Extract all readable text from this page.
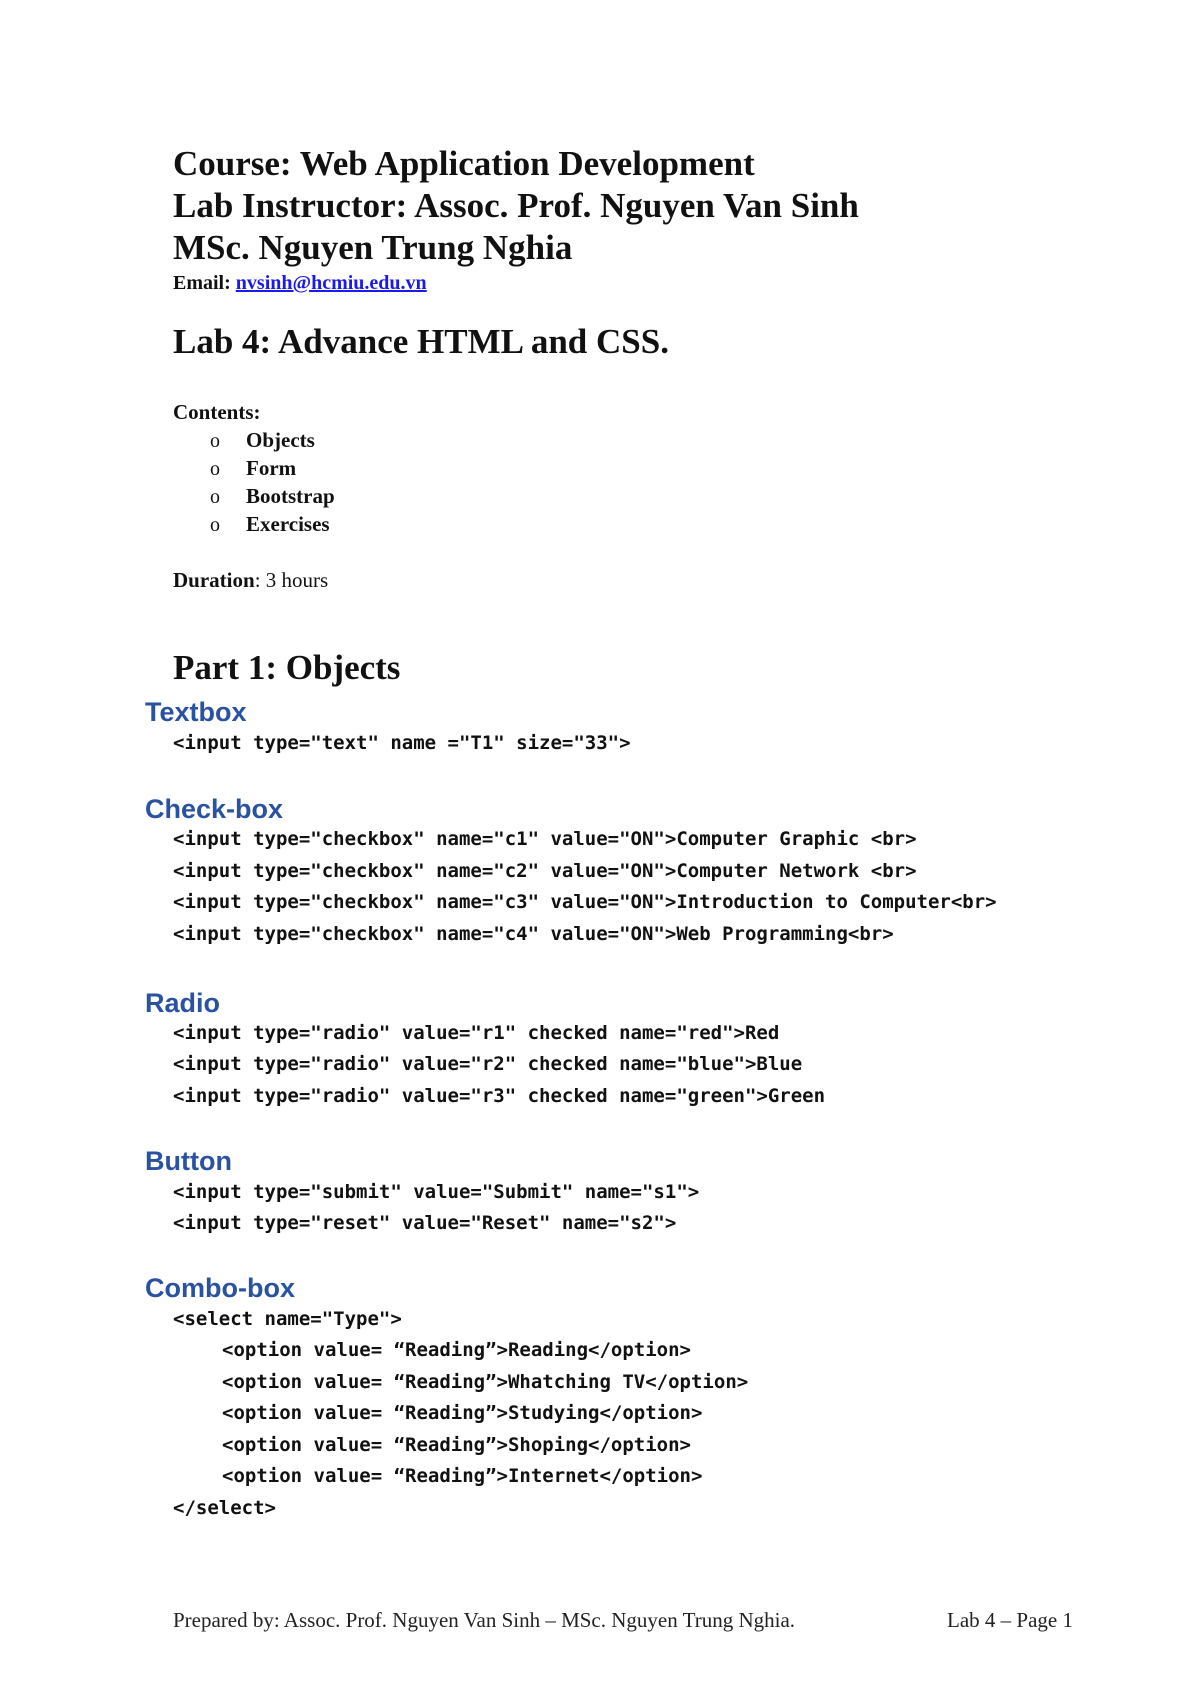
Course: Web Application Development
Lab Instructor: Assoc. Prof. Nguyen Van Sinh
MSc. Nguyen Trung Nghia
Email: nvsinh@hcmiu.edu.vn
Lab 4: Advance HTML and CSS.
Contents:
o Objects
o Form
o Bootstrap
o Exercises
Duration: 3 hours
Part 1: Objects
Textbox
<input type="text" name ="T1" size="33">
Check-box
<input type="checkbox" name="c1" value="ON">Computer Graphic <br>
<input type="checkbox" name="c2" value="ON">Computer Network <br>
<input type="checkbox" name="c3" value="ON">Introduction to Computer<br>
<input type="checkbox" name="c4" value="ON">Web Programming<br>
Radio
<input type="radio" value="r1" checked name="red">Red
<input type="radio" value="r2" checked name="blue">Blue
<input type="radio" value="r3" checked name="green">Green
Button
<input type="submit" value="Submit" name="s1">
<input type="reset" value="Reset" name="s2">
Combo-box
<select name="Type">
<option value= “Reading”>Reading</option>
<option value= “Reading”>Whatching TV</option>
<option value= “Reading”>Studying</option>
<option value= “Reading”>Shoping</option>
<option value= “Reading”>Internet</option>
</select>
Prepared by: Assoc. Prof. Nguyen Van Sinh – MSc. Nguyen Trung Nghia.	Lab 4 – Page 1
